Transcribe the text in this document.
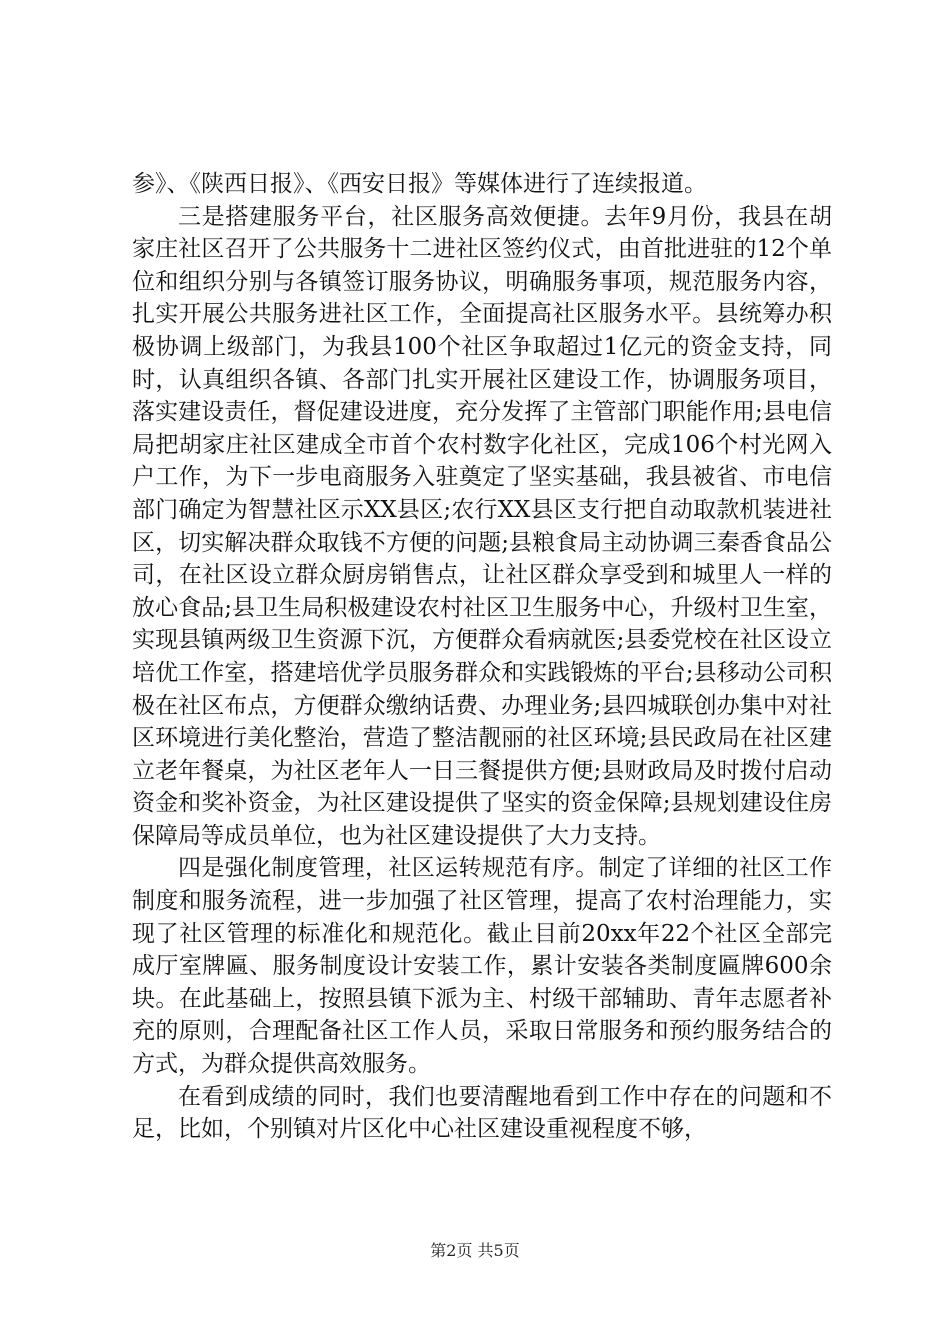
参》、《陕西日报》、《西安日报》等媒体进行了连续报道。

三是搭建服务平台，社区服务高效便捷。去年9月份，我县在胡家庄社区召开了公共服务十二进社区签约仪式，由首批进驻的12个单位和组织分别与各镇签订服务协议，明确服务事项，规范服务内容，扎实开展公共服务进社区工作，全面提高社区服务水平。县统筹办积极协调上级部门，为我县100个社区争取超过1亿元的资金支持，同时，认真组织各镇、各部门扎实开展社区建设工作，协调服务项目，落实建设责任，督促建设进度，充分发挥了主管部门职能作用;县电信局把胡家庄社区建成全市首个农村数字化社区，完成106个村光网入户工作，为下一步电商服务入驻奠定了坚实基础，我县被省、市电信部门确定为智慧社区示XX县区;农行XX县区支行把自动取款机装进社区，切实解决群众取钱不方便的问题;县粮食局主动协调三秦香食品公司，在社区设立群众厨房销售点，让社区群众享受到和城里人一样的放心食品;县卫生局积极建设农村社区卫生服务中心，升级村卫生室，实现县镇两级卫生资源下沉，方便群众看病就医;县委党校在社区设立培优工作室，搭建培优学员服务群众和实践锻炼的平台;县移动公司积极在社区布点，方便群众缴纳话费、办理业务;县四城联创办集中对社区环境进行美化整治，营造了整洁靓丽的社区环境;县民政局在社区建立老年餐桌，为社区老年人一日三餐提供方便;县财政局及时拨付启动资金和奖补资金，为社区建设提供了坚实的资金保障;县规划建设住房保障局等成员单位，也为社区建设提供了大力支持。

四是强化制度管理，社区运转规范有序。制定了详细的社区工作制度和服务流程，进一步加强了社区管理，提高了农村治理能力，实现了社区管理的标准化和规范化。截止目前20xx年22个社区全部完成厅室牌匾、服务制度设计安装工作，累计安装各类制度匾牌600余块。在此基础上，按照县镇下派为主、村级干部辅助、青年志愿者补充的原则，合理配备社区工作人员，采取日常服务和预约服务结合的方式，为群众提供高效服务。

在看到成绩的同时，我们也要清醒地看到工作中存在的问题和不足，比如，个别镇对片区化中心社区建设重视程度不够，

第2页 共5页
